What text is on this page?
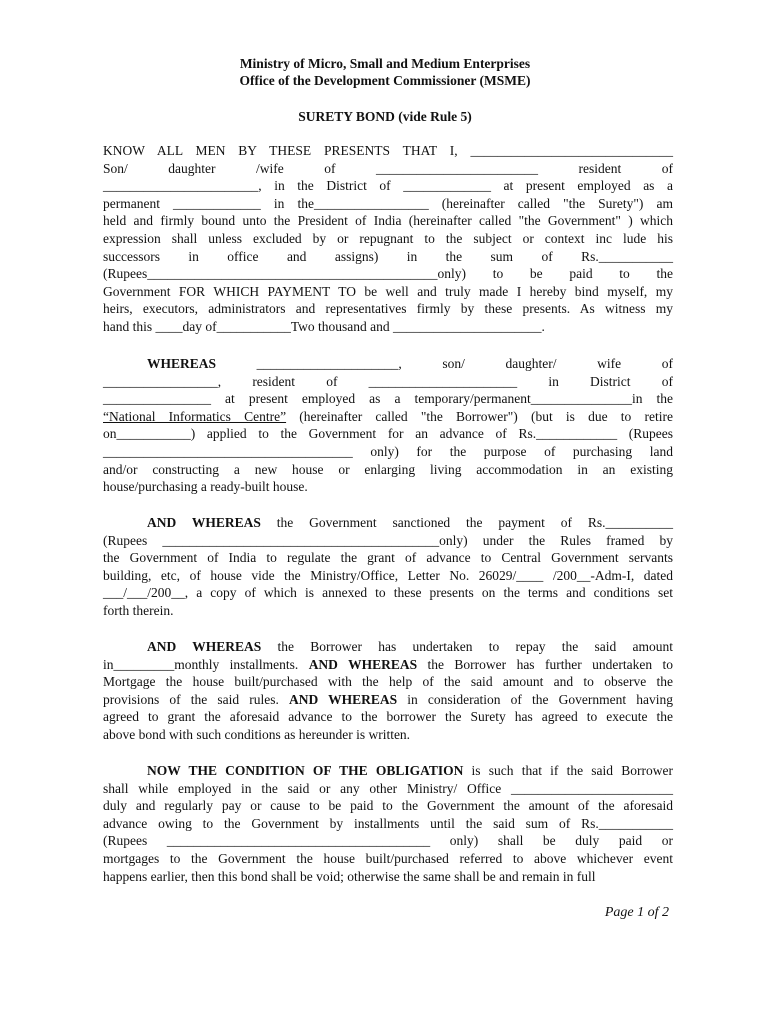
Ministry of Micro, Small and Medium Enterprises
Office of the Development Commissioner (MSME)
SURETY BOND (vide Rule 5)
KNOW ALL MEN BY THESE PRESENTS THAT I, ______________________________
Son/ daughter /wife of ________________________ resident of
_______________________, in the District of _____________ at present employed as a
permanent _____________ in the_________________ (hereinafter called "the Surety") am
held and firmly bound unto the President of India (hereinafter called "the Government" ) which
expression shall unless excluded by or repugnant to the subject or context inc lude his
successors in office and assigns) in the sum of Rs.___________
(Rupees___________________________________________only) to be paid to the
Government FOR WHICH PAYMENT TO be well and truly made I hereby bind myself, my
heirs, executors, administrators and representatives firmly by these presents. As witness my
hand this ____day of___________Two thousand and ______________________.
WHEREAS	_____________________, son/ daughter/ wife of
_________________, resident of ______________________ in District of
________________ at present employed as a temporary/permanent_______________in the
“National Informatics Centre” (hereinafter called "the Borrower") (but is due to retire
on___________) applied to the Government for an advance of Rs.____________ (Rupees
_____________________________________ only) for the purpose of purchasing land
and/or constructing a new house or enlarging living accommodation in an existing
house/purchasing a ready-built house.
AND WHEREAS the Government sanctioned the payment of Rs.__________
(Rupees _________________________________________only) under the Rules framed by
the Government of India to regulate the grant of advance to Central Government servants
building, etc, of house vide the Ministry/Office, Letter No. 26029/____ /200__-Adm-I, dated
___/___/200__, a copy of which is annexed to these presents on the terms and conditions set
forth therein.
AND WHEREAS the Borrower has undertaken to repay the said amount
in_________monthly installments. AND WHEREAS the Borrower has further undertaken to
Mortgage the house built/purchased with the help of the said amount and to observe the
provisions of the said rules. AND WHEREAS in consideration of the Government having
agreed to grant the aforesaid advance to the borrower the Surety has agreed to execute the
above bond with such conditions as hereunder is written.
NOW THE CONDITION OF THE OBLIGATION is such that if the said Borrower
shall while employed in the said or any other Ministry/ Office ________________________
duly and regularly pay or cause to be paid to the Government the amount of the aforesaid
advance owing to the Government by installments until the said sum of Rs.___________
(Rupees _______________________________________ only) shall be duly paid or
mortgages to the Government the house built/purchased referred to above whichever event
happens earlier, then this bond shall be void; otherwise the same shall be and remain in full
Page 1 of 2
